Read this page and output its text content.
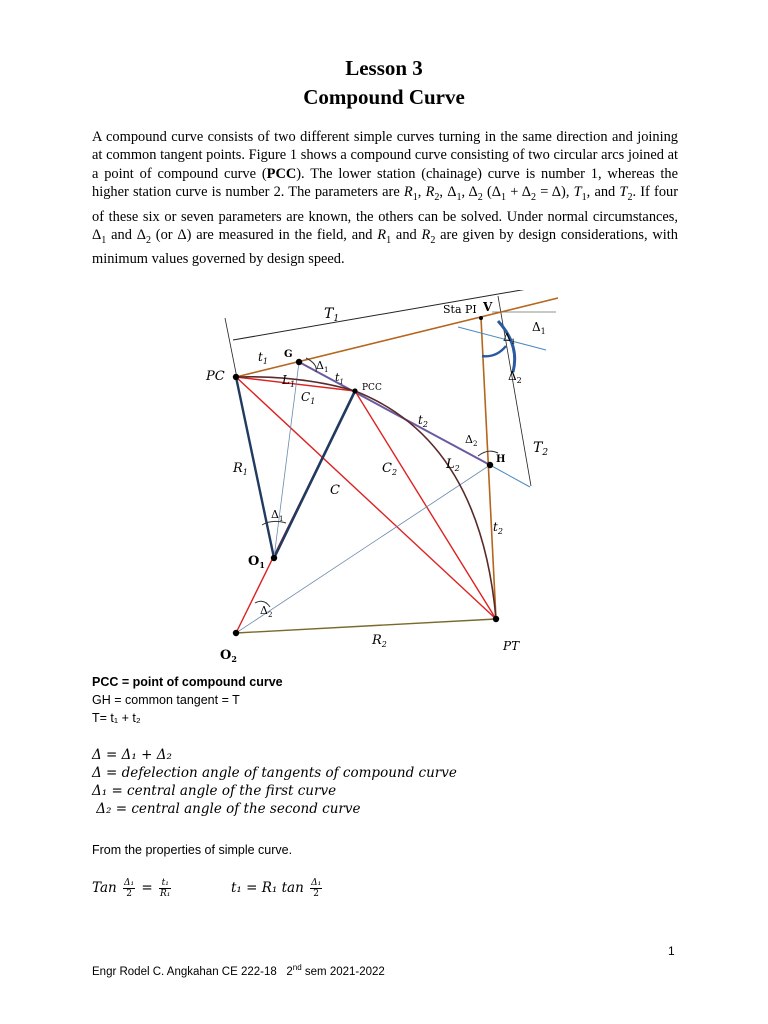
Lesson 3
Compound Curve

A compound curve consists of two different simple curves turning in the same direction and joining at common tangent points. Figure 1 shows a compound curve consisting of two circular arcs joined at a point of compound curve (PCC). The lower station (chainage) curve is number 1, whereas the higher station curve is number 2. The parameters are $R_1$, $R_2$, $\Delta_1$, $\Delta_2$ $(\Delta_1 + \Delta_2 = \Delta)$, $T_1$, and $T_2$. If four of these six or seven parameters are known, the others can be solved. Under normal circumstances, $\Delta_1$ and $\Delta_2$ (or Δ) are measured in the field, and $R_1$ and $R_2$ are given by design considerations, with minimum values governed by design speed.

$T_1$
Sta PI V
$\Delta_1$
$\Delta_1$
$\Delta_2$
$T_2$
PC
$t_1$
G
$\Delta_1$
$t_1$
$L_1$
$C_1$
PCC
$t_2$
$\Delta_2$
H
$L_2$
$C_2$
$R_1$
C
$\Delta_1$
$t_2$
$O_1$
$\Delta_2$
$R_2$	PT
$O_2$
PCC = point of compound curve
GH = common tangent = T
T= t₁ + t₂
Δ = Δ₁ + Δ₂
Δ = defelection angle of tangents of compound curve
Δ₁ = central angle of the first curve
Δ₂ = central angle of the second curve
From the properties of simple curve.
Tan $\frac{\text{Δ₁}}{2} = \frac{\text{t₁}}{\text{R₁}}$	t₁ = R₁ $\tan \frac{\text{Δ₁}}{2}$
1
Engr Rodel C. Angkahan CE 222-18 2nd sem 2021-2022
